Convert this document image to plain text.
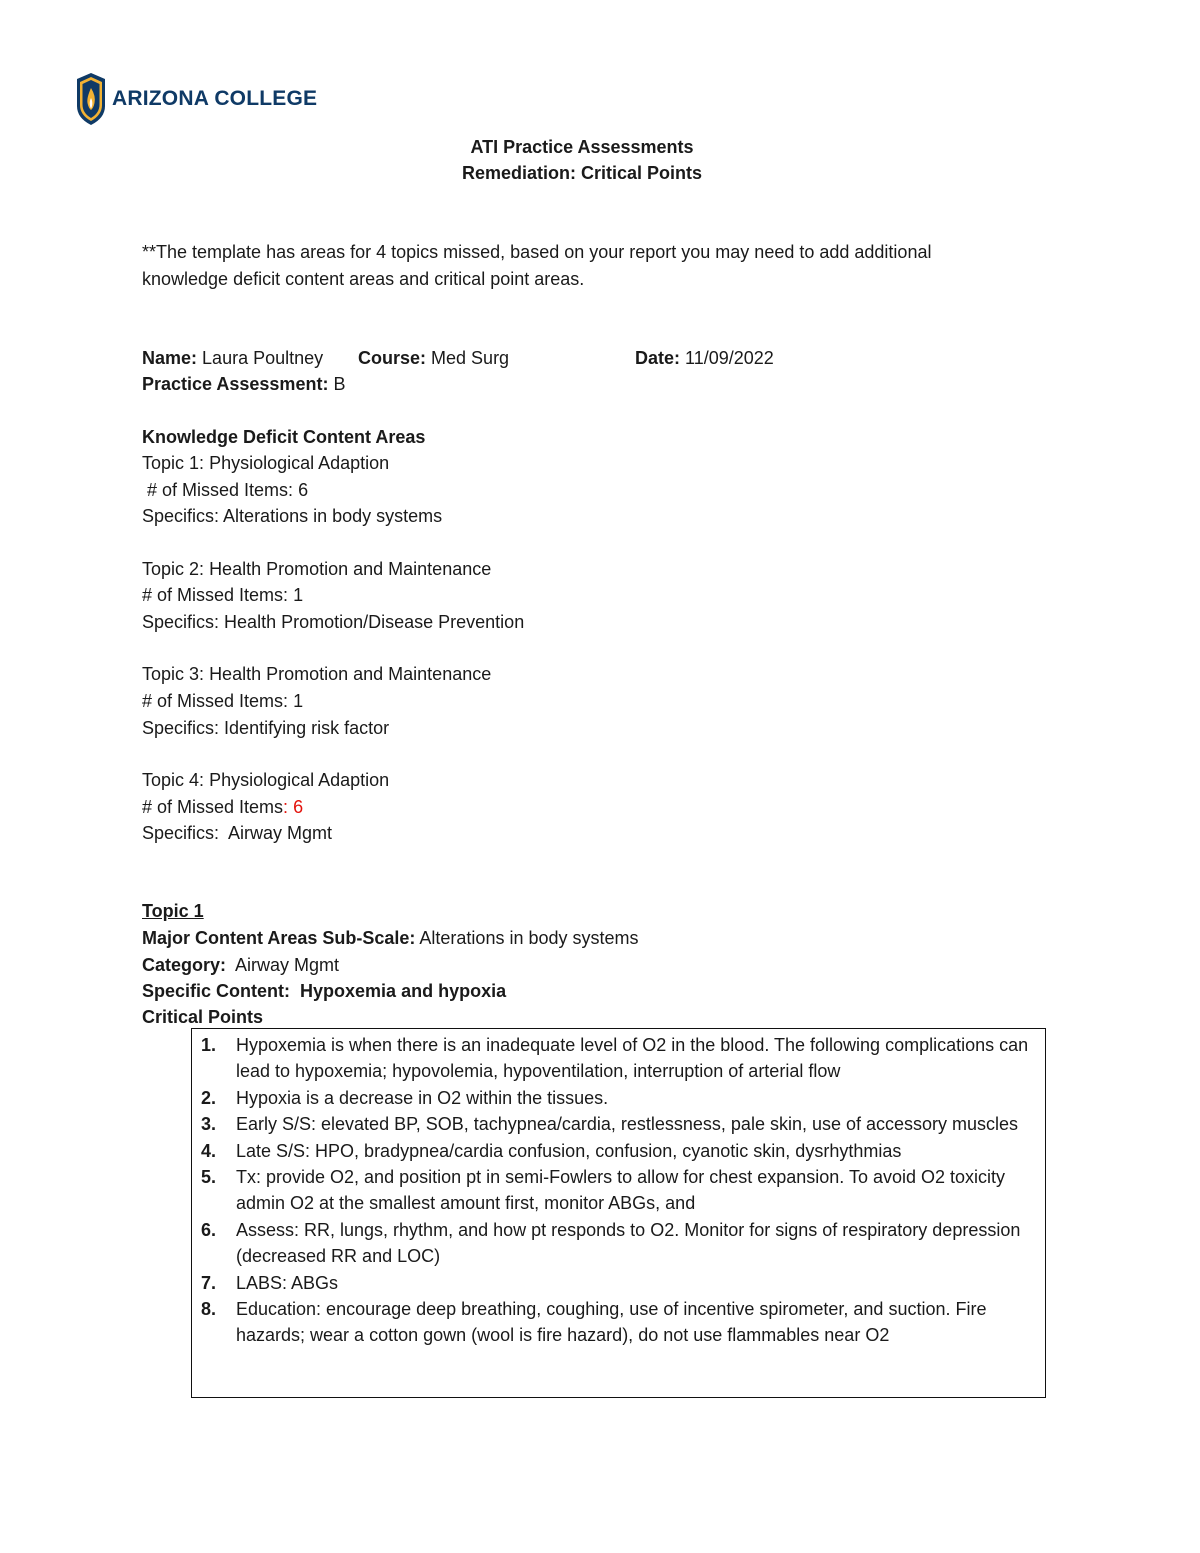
ARIZONA COLLEGE
ATI Practice Assessments
Remediation: Critical Points
**The template has areas for 4 topics missed, based on your report you may need to add additional
knowledge deficit content areas and critical point areas.
Name: Laura Poultney Course: Med Surg	Date: 11/09/2022
Practice Assessment: B
Knowledge Deficit Content Areas
Topic 1: Physiological Adaption
# of Missed Items: 6
Specifics: Alterations in body systems
Topic 2: Health Promotion and Maintenance
# of Missed Items: 1
Specifics: Health Promotion/Disease Prevention
Topic 3: Health Promotion and Maintenance
# of Missed Items: 1
Specifics: Identifying risk factor
Topic 4: Physiological Adaption
# of Missed Items: 6
Specifics: Airway Mgmt
Topic 1
Major Content Areas Sub-Scale: Alterations in body systems
Category: Airway Mgmt
Specific Content: Hypoxemia and hypoxia
Critical Points
1. Hypoxemia is when there is an inadequate level of O2 in the blood. The following complications can lead to hypoxemia; hypovolemia, hypoventilation, interruption of arterial flow
2. Hypoxia is a decrease in O2 within the tissues.
3. Early S/S: elevated BP, SOB, tachypnea/cardia, restlessness, pale skin, use of accessory muscles
4. Late S/S: HPO, bradypnea/cardia confusion, confusion, cyanotic skin, dysrhythmias
5. Tx: provide O2, and position pt in semi-Fowlers to allow for chest expansion. To avoid O2 toxicity admin O2 at the smallest amount first, monitor ABGs, and
6. Assess: RR, lungs, rhythm, and how pt responds to O2. Monitor for signs of respiratory depression (decreased RR and LOC)
7. LABS: ABGs
8. Education: encourage deep breathing, coughing, use of incentive spirometer, and suction. Fire hazards; wear a cotton gown (wool is fire hazard), do not use flammables near O2
